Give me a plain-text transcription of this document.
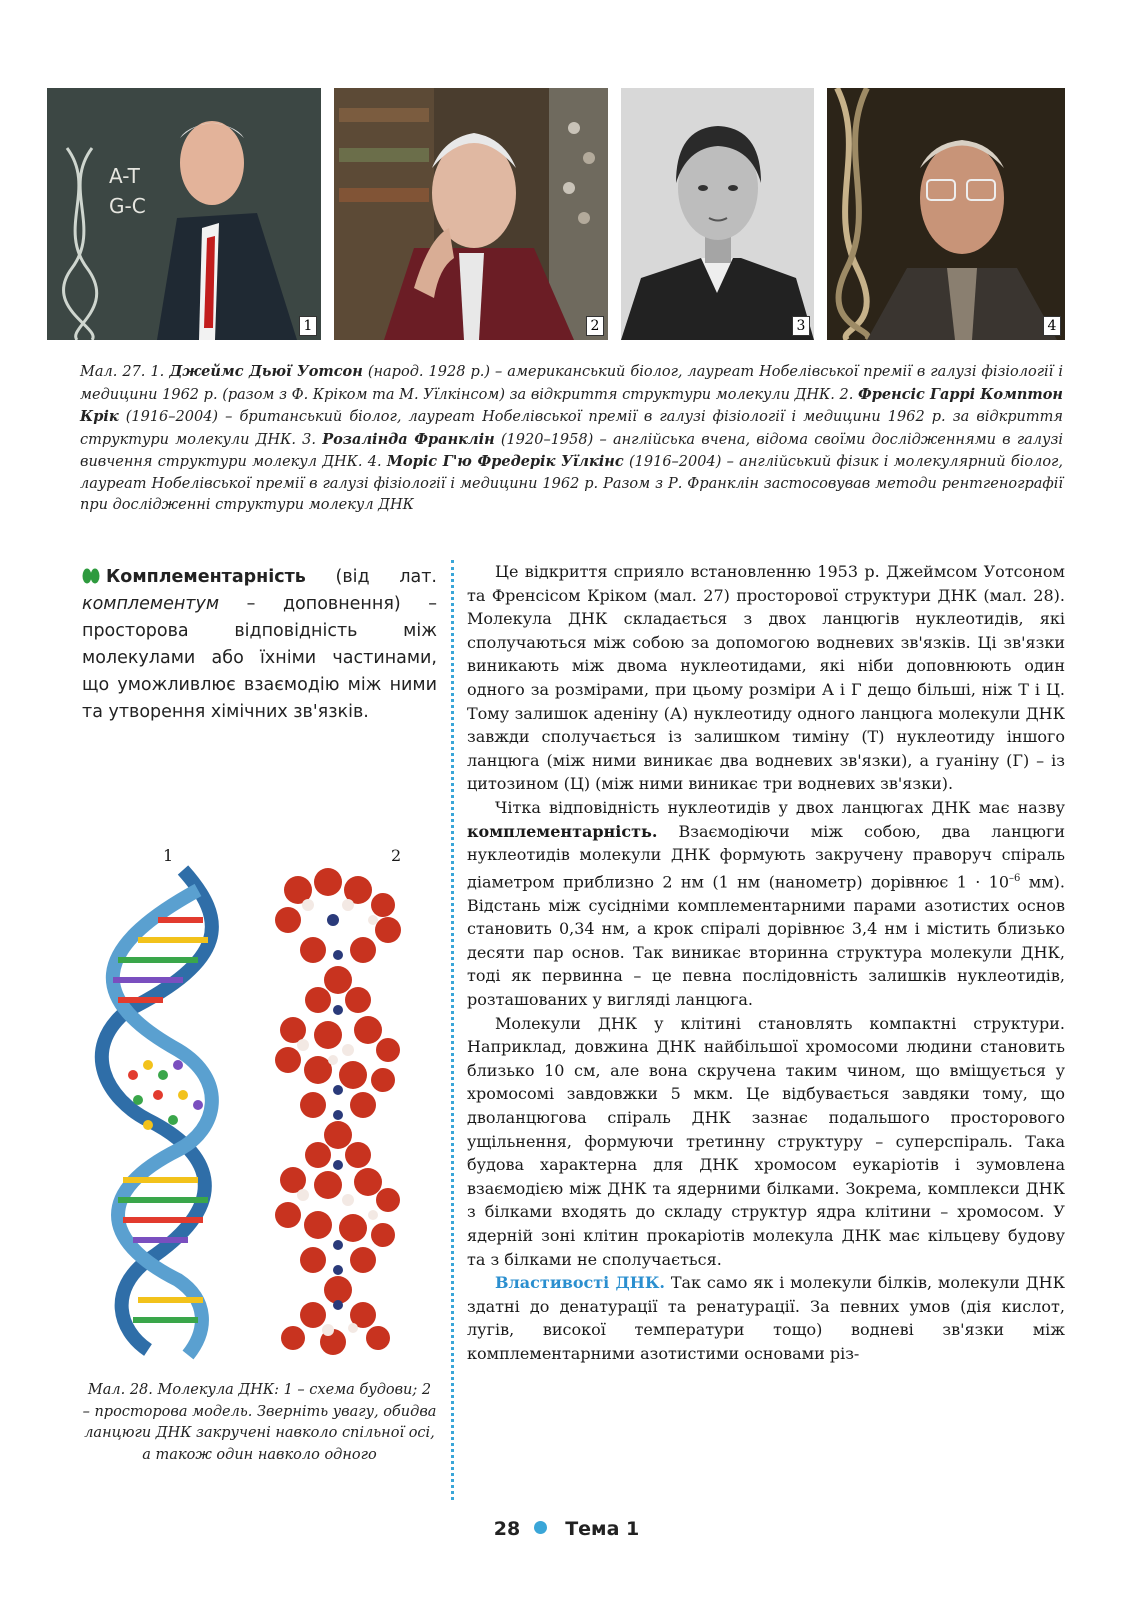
A-T
G-C
1	2	3	4
Мал. 27. 1. Джеймс Дьюї Уотсон (народ. 1928 р.) – американський біолог, лауреат Нобелівської премії в галузі фізіології і медицини 1962 р. (разом з Ф. Кріком та М. Уїлкінсом) за відкриття структури молекули ДНК. 2. Френсіс Гаррі Комптон Крік (1916–2004) – британський біолог, лауреат Нобелівської премії в галузі фізіології і медицини 1962 р. за відкриття структури молекули ДНК. 3. Розалінда Франклін (1920–1958) – англійська вчена, відома своїми дослідженнями в галузі вивчення структури молекул ДНК. 4. Моріс Г'ю Фредерік Уїлкінс (1916–2004) – англійський фізик і молекулярний біолог, лауреат Нобелівської премії в галузі фізіології і медицини 1962 р. Разом з Р. Франклін застосовував методи рентгенографії при дослідженні структури молекул ДНК
Комплементарність (від лат. комплементум – доповнення) – просторова відповідність між молекулами або їхніми частинами, що уможливлює взаємодію між ними та утворення хімічних зв'язків.
1	2
Мал. 28. Молекула ДНК: 1 – схема будови; 2 – просторова модель. Зверніть увагу, обидва ланцюги ДНК закручені навколо спільної осі, а також один навколо одного

Це відкриття сприяло встановленню 1953 р. Джеймсом Уотсоном та Френсісом Кріком (мал. 27) просторової структури ДНК (мал. 28). Молекула ДНК складається з двох ланцюгів нуклеотидів, які сполучаються між собою за допомогою водневих зв'язків. Ці зв'язки виникають між двома нуклеотидами, які ніби доповнюють один одного за розмірами, при цьому розміри А і Г дещо більші, ніж Т і Ц. Тому залишок аденіну (А) нуклеотиду одного ланцюга молекули ДНК завжди сполучається із залишком тиміну (Т) нуклеотиду іншого ланцюга (між ними виникає два водневих зв'язки), а гуаніну (Г) – із цитозином (Ц) (між ними виникає три водневих зв'язки).

Чітка відповідність нуклеотидів у двох ланцюгах ДНК має назву комплементарність. Взаємодіючи між собою, два ланцюги нуклеотидів молекули ДНК формують закручену праворуч спіраль діаметром приблизно 2 нм (1 нм (нанометр) дорівнює $1 \cdot 10^{-6}$ мм). Відстань між сусідніми комплементарними парами азотистих основ становить 0,34 нм, а крок спіралі дорівнює 3,4 нм і містить близько десяти пар основ. Так виникає вторинна структура молекули ДНК, тоді як первинна – це певна послідовність залишків нуклеотидів, розташованих у вигляді ланцюга.

Молекули ДНК у клітині становлять компактні структури. Наприклад, довжина ДНК найбільшої хромосоми людини становить близько 10 см, але вона скручена таким чином, що вміщується у хромосомі завдовжки 5 мкм. Це відбувається завдяки тому, що дволанцюгова спіраль ДНК зазнає подальшого просторового ущільнення, формуючи третинну структуру – суперспіраль. Така будова характерна для ДНК хромосом еукаріотів і зумовлена взаємодією між ДНК та ядерними білками. Зокрема, комплекси ДНК з білками входять до складу структур ядра клітини – хромосом. У ядерній зоні клітин прокаріотів молекула ДНК має кільцеву будову та з білками не сполучається.

Властивості ДНК. Так само як і молекули білків, молекули ДНК здатні до денатурації та ренатурації. За певних умов (дія кислот, лугів, високої температури тощо) водневі зв'язки між комплементарними азотистими основами різ-

28 Тема 1
